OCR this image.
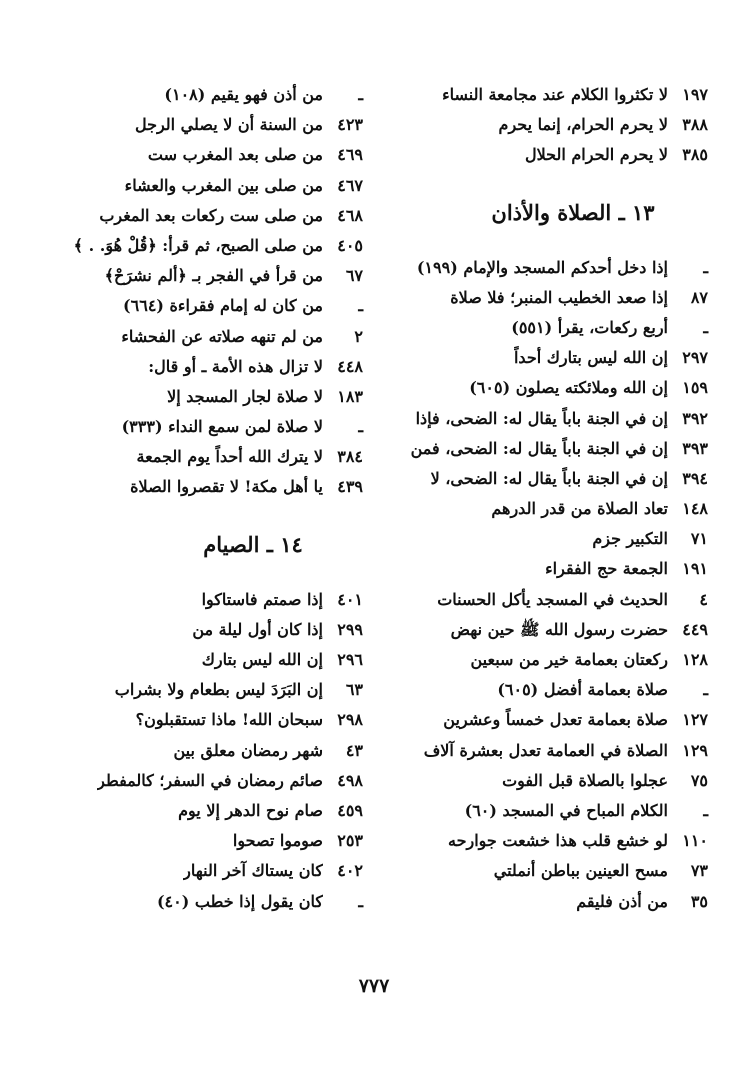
١٩٧
لا تكثروا الكلام عند مجامعة النساء
٣٨٨
لا يحرم الحرام، إنما يحرم
٣٨٥
لا يحرم الحرام الحلال
١٣ ـ الصلاة والأذان
ـ
إذا دخل أحدكم المسجد والإمام (١٩٩)
٨٧
إذا صعد الخطيب المنبر؛ فلا صلاة
ـ
أربع ركعات، يقرأ (٥٥١)
٢٩٧
إن الله ليس بتارك أحداً
١٥٩
إن الله وملائكته يصلون (٦٠٥)
٣٩٢
إن في الجنة باباً يقال له: الضحى، فإذا
٣٩٣
إن في الجنة باباً يقال له: الضحى، فمن
٣٩٤
إن في الجنة باباً يقال له: الضحى، لا
١٤٨
تعاد الصلاة من قدر الدرهم
٧١
التكبير جزم
١٩١
الجمعة حج الفقراء
٤
الحديث في المسجد يأكل الحسنات
٤٤٩
حضرت رسول الله ﷺ حين نهض
١٢٨
ركعتان بعمامة خير من سبعين
ـ
صلاة بعمامة أفضل (٦٠٥)
١٢٧
صلاة بعمامة تعدل خمساً وعشرين
١٢٩
الصلاة في العمامة تعدل بعشرة آلاف
٧٥
عجلوا بالصلاة قبل الفوت
ـ
الكلام المباح في المسجد (٦٠)
١١٠
لو خشع قلب هذا خشعت جوارحه
٧٣
مسح العينين بباطن أنملتي
٣٥
من أذن فليقم
ـ
من أذن فهو يقيم (١٠٨)
٤٢٣
من السنة أن لا يصلي الرجل
٤٦٩
من صلى بعد المغرب ست
٤٦٧
من صلى بين المغرب والعشاء
٤٦٨
من صلى ست ركعات بعد المغرب
٤٠٥
من صلى الصبح، ثم قرأ: ﴿قُلْ هُوَ. . ﴾
٦٧
من قرأ في الفجر بـ ﴿ألم نشرَحْ﴾
ـ
من كان له إمام فقراءة (٦٦٤)
٢
من لم تنهه صلاته عن الفحشاء
٤٤٨
لا تزال هذه الأمة ـ أو قال:
١٨٣
لا صلاة لجار المسجد إلا
ـ
لا صلاة لمن سمع النداء (٣٣٣)
٣٨٤
لا يترك الله أحداً يوم الجمعة
٤٣٩
يا أهل مكة! لا تقصروا الصلاة
١٤ ـ الصيام
٤٠١
إذا صمتم فاستاكوا
٢٩٩
إذا كان أول ليلة من
٢٩٦
إن الله ليس بتارك
٦٣
إن البَرَدَ ليس بطعام ولا بشراب
٢٩٨
سبحان الله! ماذا تستقبلون؟
٤٣
شهر رمضان معلق بين
٤٩٨
صائم رمضان في السفر؛ كالمفطر
٤٥٩
صام نوح الدهر إلا يوم
٢٥٣
صوموا تصحوا
٤٠٢
كان يستاك آخر النهار
ـ
كان يقول إذا خطب (٤٠)
٧٧٧
